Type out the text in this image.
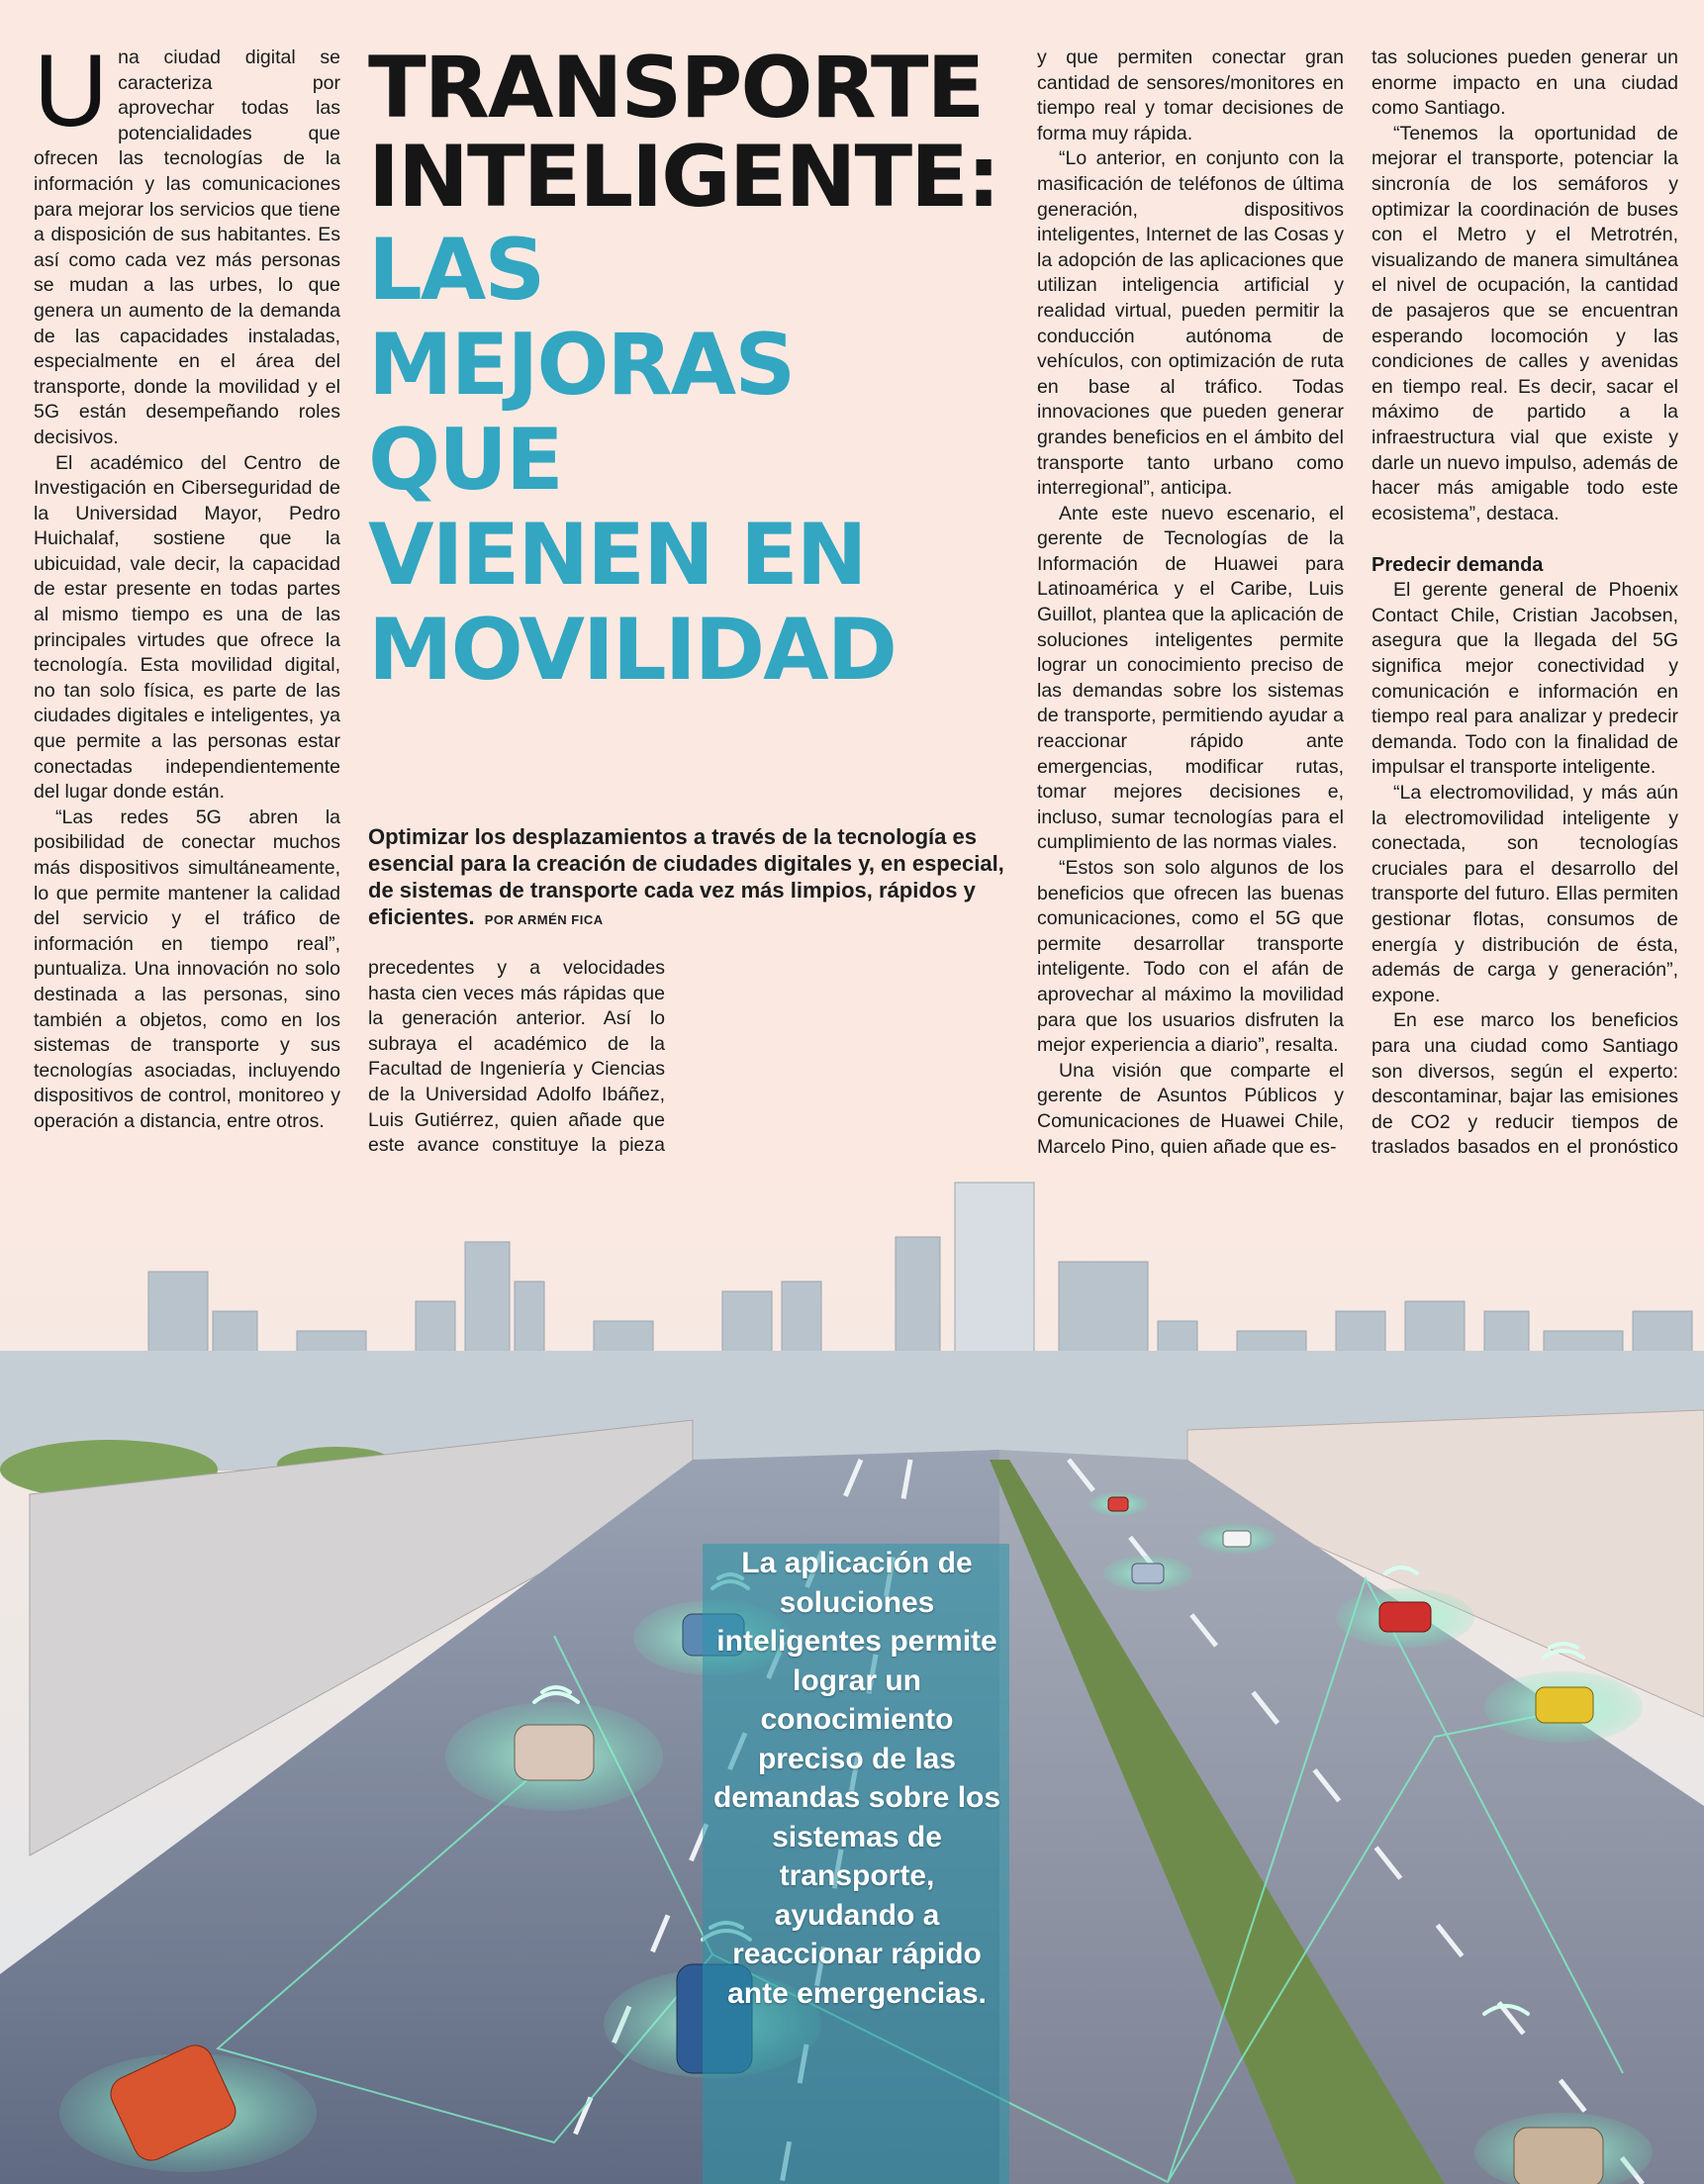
Una ciudad digital se caracteriza por aprovechar todas las potencialidades que ofrecen las tecnologías de la información y las comunicaciones para mejorar los servicios que tiene a disposición de sus habitantes. Es así como cada vez más personas se mudan a las urbes, lo que genera un aumento de la demanda de las capacidades instaladas, especialmente en el área del transporte, donde la movilidad y el 5G están desempeñando roles decisivos.

El académico del Centro de Investigación en Ciberseguridad de la Universidad Mayor, Pedro Huichalaf, sostiene que la ubicuidad, vale decir, la capacidad de estar presente en todas partes al mismo tiempo es una de las principales virtudes que ofrece la tecnología. Esta movilidad digital, no tan solo física, es parte de las ciudades digitales e inteligentes, ya que permite a las personas estar conectadas independientemente del lugar donde están.

“Las redes 5G abren la posibilidad de conectar muchos más dispositivos simultáneamente, lo que permite mantener la calidad del servicio y el tráfico de información en tiempo real”, puntualiza. Una innovación no solo destinada a las personas, sino también a objetos, como en los sistemas de transporte y sus tecnologías asociadas, incluyendo dispositivos de control, monitoreo y operación a distancia, entre otros.

TRANSPORTE
INTELIGENTE:
LAS
MEJORAS
QUE
VIENEN EN
MOVILIDAD
Optimizar los desplazamientos a través de la tecnología es esencial para la creación de ciudades digitales y, en especial, de sistemas de transporte cada vez más limpios, rápidos y eficientes. POR ARMÉN FICA

precedentes y a velocidades hasta cien veces más rápidas que la generación anterior. Así lo subraya el académico de la Facultad de Ingeniería y Ciencias de la Universidad Adolfo Ibáñez, Luis Gutiérrez, quien añade que este avance constituye la pieza

y que permiten conectar gran cantidad de sensores/monitores en tiempo real y tomar decisiones de forma muy rápida.

“Lo anterior, en conjunto con la masificación de teléfonos de última generación, dispositivos inteligentes, Internet de las Cosas y la adopción de las aplicaciones que utilizan inteligencia artificial y realidad virtual, pueden permitir la conducción autónoma de vehículos, con optimización de ruta en base al tráfico. Todas innovaciones que pueden generar grandes beneficios en el ámbito del transporte tanto urbano como interregional”, anticipa.

Ante este nuevo escenario, el gerente de Tecnologías de la Información de Huawei para Latinoamérica y el Caribe, Luis Guillot, plantea que la aplicación de soluciones inteligentes permite lograr un conocimiento preciso de las demandas sobre los sistemas de transporte, permitiendo ayudar a reaccionar rápido ante emergencias, modificar rutas, tomar mejores decisiones e, incluso, sumar tecnologías para el cumplimiento de las normas viales.

“Estos son solo algunos de los beneficios que ofrecen las buenas comunicaciones, como el 5G que permite desarrollar transporte inteligente. Todo con el afán de aprovechar al máximo la movilidad para que los usuarios disfruten la mejor experiencia a diario”, resalta.

Una visión que comparte el gerente de Asuntos Públicos y Comunicaciones de Huawei Chile, Marcelo Pino, quien añade que es-

tas soluciones pueden generar un enorme impacto en una ciudad como Santiago.

“Tenemos la oportunidad de mejorar el transporte, potenciar la sincronía de los semáforos y optimizar la coordinación de buses con el Metro y el Metrotrén, visualizando de manera simultánea el nivel de ocupación, la cantidad de pasajeros que se encuentran esperando locomoción y las condiciones de calles y avenidas en tiempo real. Es decir, sacar el máximo de partido a la infraestructura vial que existe y darle un nuevo impulso, además de hacer más amigable todo este ecosistema”, destaca.

Predecir demanda

El gerente general de Phoenix Contact Chile, Cristian Jacobsen, asegura que la llegada del 5G significa mejor conectividad y comunicación e información en tiempo real para analizar y predecir demanda. Todo con la finalidad de impulsar el transporte inteligente.

“La electromovilidad, y más aún la electromovilidad inteligente y conectada, son tecnologías cruciales para el desarrollo del transporte del futuro. Ellas permiten gestionar flotas, consumos de energía y distribución de ésta, además de carga y generación”, expone.

En ese marco los beneficios para una ciudad como Santiago son diversos, según el experto: descontaminar, bajar las emisiones de CO2 y reducir tiempos de traslados basados en el pronóstico

La aplicación de soluciones inteligentes permite lograr un conocimiento preciso de las demandas sobre los sistemas de transporte, ayudando a reaccionar rápido ante emergencias.
